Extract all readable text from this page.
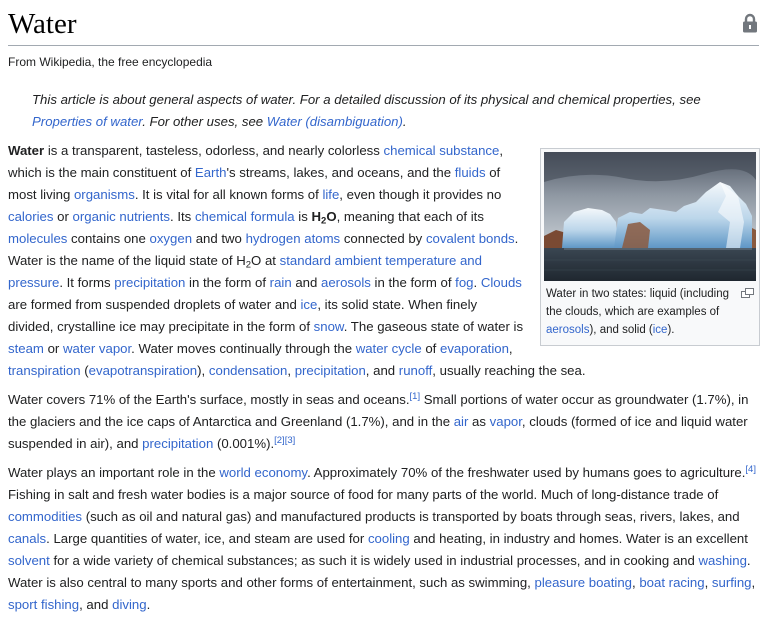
Water
From Wikipedia, the free encyclopedia
This article is about general aspects of water. For a detailed discussion of its physical and chemical properties, see Properties of water. For other uses, see Water (disambiguation).
Water in two states: liquid (including the clouds, which are examples of aerosols), and solid (ice).

Water is a transparent, tasteless, odorless, and nearly colorless chemical substance, which is the main constituent of Earth's streams, lakes, and oceans, and the fluids of most living organisms. It is vital for all known forms of life, even though it provides no calories or organic nutrients. Its chemical formula is $H_2O$, meaning that each of its molecules contains one oxygen and two hydrogen atoms connected by covalent bonds. Water is the name of the liquid state of $H_2O$ at standard ambient temperature and pressure. It forms precipitation in the form of rain and aerosols in the form of fog. Clouds are formed from suspended droplets of water and ice, its solid state. When finely divided, crystalline ice may precipitate in the form of snow. The gaseous state of water is steam or water vapor. Water moves continually through the water cycle of evaporation, transpiration (evapotranspiration), condensation, precipitation, and runoff, usually reaching the sea.

Water covers 71% of the Earth's surface, mostly in seas and oceans.[1] Small portions of water occur as groundwater (1.7%), in the glaciers and the ice caps of Antarctica and Greenland (1.7%), and in the air as vapor, clouds (formed of ice and liquid water suspended in air), and precipitation (0.001%).[2][3]

Water plays an important role in the world economy. Approximately 70% of the freshwater used by humans goes to agriculture.[4] Fishing in salt and fresh water bodies is a major source of food for many parts of the world. Much of long-distance trade of commodities (such as oil and natural gas) and manufactured products is transported by boats through seas, rivers, lakes, and canals. Large quantities of water, ice, and steam are used for cooling and heating, in industry and homes. Water is an excellent solvent for a wide variety of chemical substances; as such it is widely used in industrial processes, and in cooking and washing. Water is also central to many sports and other forms of entertainment, such as swimming, pleasure boating, boat racing, surfing, sport fishing, and diving.
